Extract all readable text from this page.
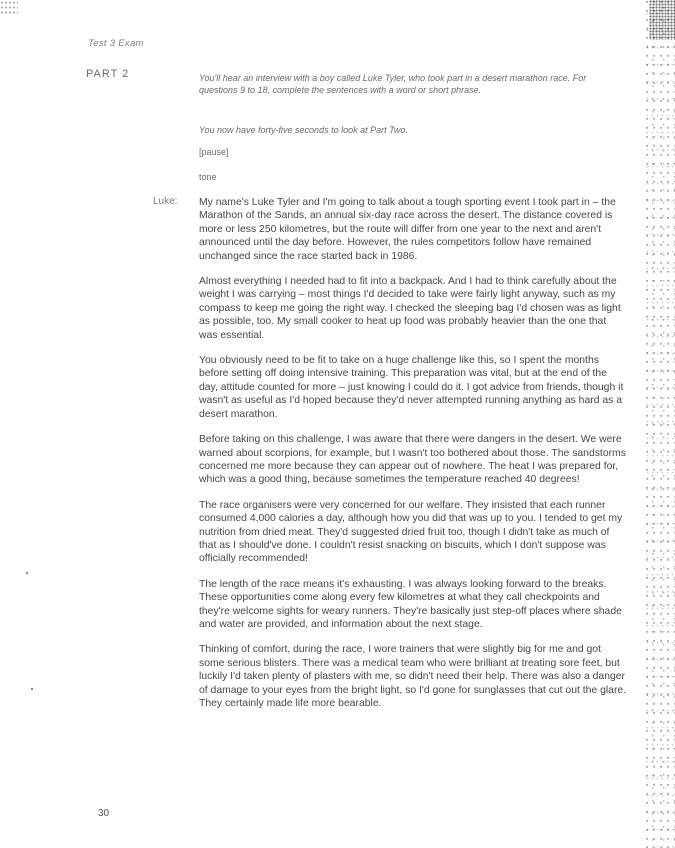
Test 3 Exam
PART 2	You'll hear an interview with a boy called Luke Tyler, who took part in a desert marathon race. For questions 9 to 18, complete the sentences with a word or short phrase.

You now have forty-five seconds to look at Part Two.

[pause]

tone

Luke: My name's Luke Tyler and I'm going to talk about a tough sporting event I took part in – the Marathon of the Sands, an annual six-day race across the desert. The distance covered is more or less 250 kilometres, but the route will differ from one year to the next and aren't announced until the day before. However, the rules competitors follow have remained unchanged since the race started back in 1986.

Almost everything I needed had to fit into a backpack. And I had to think carefully about the weight I was carrying – most things I'd decided to take were fairly light anyway, such as my compass to keep me going the right way. I checked the sleeping bag I'd chosen was as light as possible, too. My small cooker to heat up food was probably heavier than the one that was essential.

You obviously need to be fit to take on a huge challenge like this, so I spent the months before setting off doing intensive training. This preparation was vital, but at the end of the day, attitude counted for more – just knowing I could do it. I got advice from friends, though it wasn't as useful as I'd hoped because they'd never attempted running anything as hard as a desert marathon.

Before taking on this challenge, I was aware that there were dangers in the desert. We were warned about scorpions, for example, but I wasn't too bothered about those. The sandstorms concerned me more because they can appear out of nowhere. The heat I was prepared for, which was a good thing, because sometimes the temperature reached 40 degrees!

The race organisers were very concerned for our welfare. They insisted that each runner consumed 4,000 calories a day, although how you did that was up to you. I tended to get my nutrition from dried meat. They'd suggested dried fruit too, though I didn't take as much of that as I should've done. I couldn't resist snacking on biscuits, which I don't suppose was officially recommended!

The length of the race means it's exhausting. I was always looking forward to the breaks. These opportunities come along every few kilometres at what they call checkpoints and they're welcome sights for weary runners. They're basically just step-off places where shade and water are provided, and information about the next stage.

Thinking of comfort, during the race, I wore trainers that were slightly big for me and got some serious blisters. There was a medical team who were brilliant at treating sore feet, but luckily I'd taken plenty of plasters with me, so didn't need their help. There was also a danger of damage to your eyes from the bright light, so I'd gone for sunglasses that cut out the glare. They certainly made life more bearable.

30
